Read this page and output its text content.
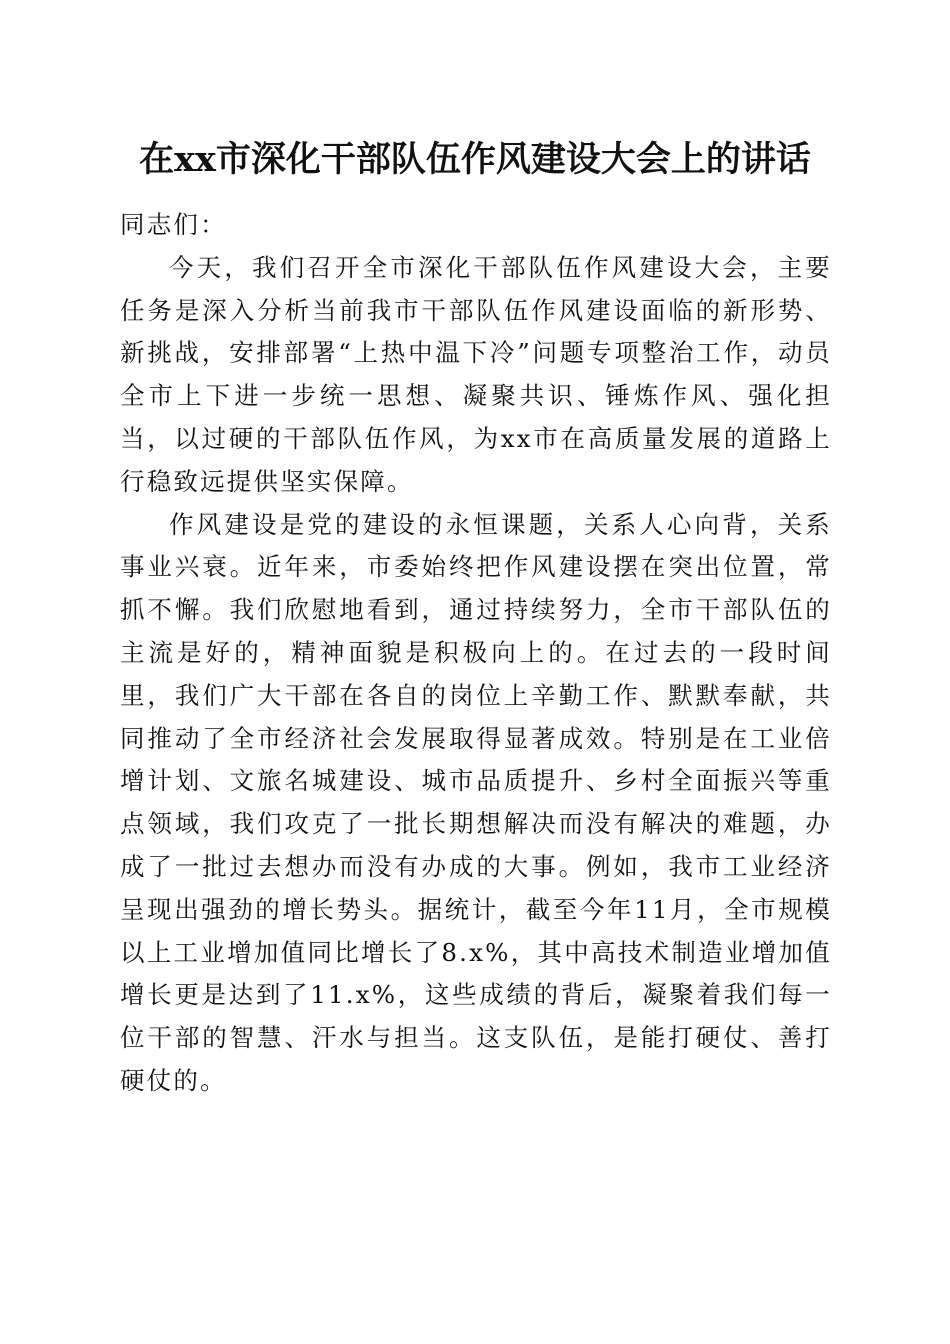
在xx市深化干部队伍作风建设大会上的讲话

同志们：

今天，我们召开全市深化干部队伍作风建设大会，主要任务是深入分析当前我市干部队伍作风建设面临的新形势、新挑战，安排部署“上热中温下冷”问题专项整治工作，动员全市上下进一步统一思想、凝聚共识、锤炼作风、强化担当，以过硬的干部队伍作风，为xx市在高质量发展的道路上行稳致远提供坚实保障。

作风建设是党的建设的永恒课题，关系人心向背，关系事业兴衰。近年来，市委始终把作风建设摆在突出位置，常抓不懈。我们欣慰地看到，通过持续努力，全市干部队伍的主流是好的，精神面貌是积极向上的。在过去的一段时间里，我们广大干部在各自的岗位上辛勤工作、默默奉献，共同推动了全市经济社会发展取得显著成效。特别是在工业倍增计划、文旅名城建设、城市品质提升、乡村全面振兴等重点领域，我们攻克了一批长期想解决而没有解决的难题，办成了一批过去想办而没有办成的大事。例如，我市工业经济呈现出强劲的增长势头。据统计，截至今年11月，全市规模以上工业增加值同比增长了8.x%，其中高技术制造业增加值增长更是达到了11.x%，这些成绩的背后，凝聚着我们每一位干部的智慧、汗水与担当。这支队伍，是能打硬仗、善打硬仗的。
